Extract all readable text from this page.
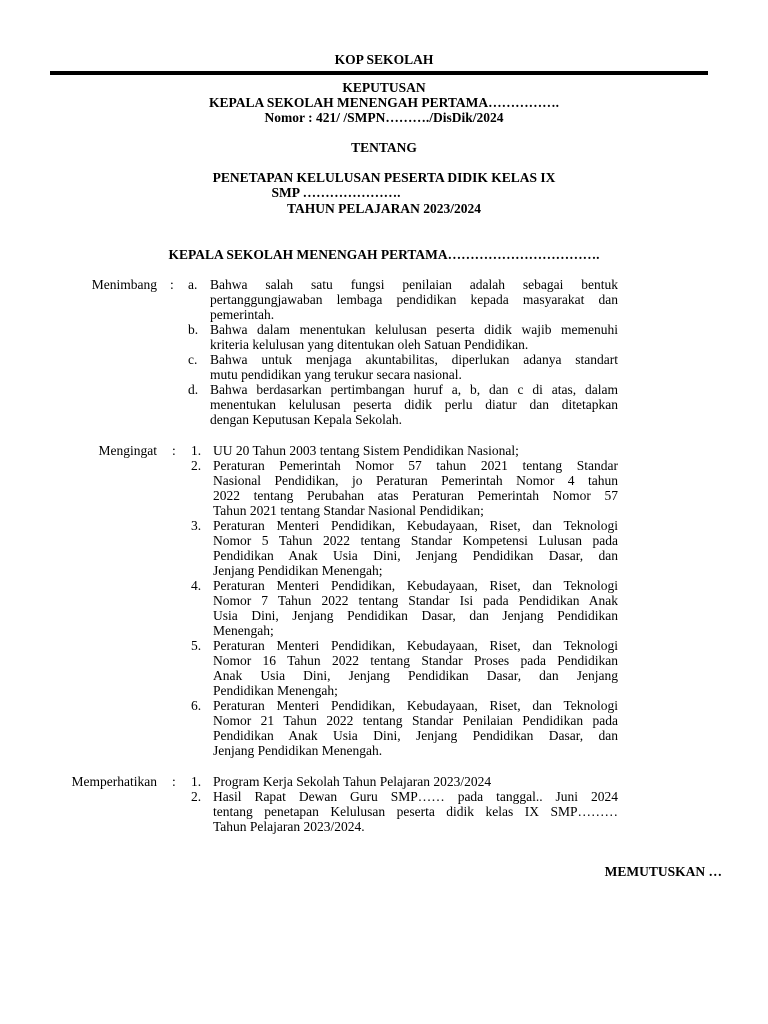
KOP SEKOLAH
KEPUTUSAN
KEPALA SEKOLAH MENENGAH PERTAMA…………….
Nomor : 421/ /SMPN………./DisDik/2024
TENTANG
PENETAPAN KELULUSAN PESERTA DIDIK KELAS IX
SMP ………………….
TAHUN PELAJARAN 2023/2024
KEPALA SEKOLAH MENENGAH PERTAMA…………………………….
Menimbang : a. Bahwa salah satu fungsi penilaian adalah sebagai bentuk
pertanggungjawaban lembaga pendidikan kepada masyarakat dan
pemerintah.
b. Bahwa dalam menentukan kelulusan peserta didik wajib memenuhi
kriteria kelulusan yang ditentukan oleh Satuan Pendidikan.
c. Bahwa untuk menjaga akuntabilitas, diperlukan adanya standart
mutu pendidikan yang terukur secara nasional.
d. Bahwa berdasarkan pertimbangan huruf a, b, dan c di atas, dalam
menentukan kelulusan peserta didik perlu diatur dan ditetapkan
dengan Keputusan Kepala Sekolah.
Mengingat : 1. UU 20 Tahun 2003 tentang Sistem Pendidikan Nasional;
2. Peraturan Pemerintah Nomor 57 tahun 2021 tentang Standar
Nasional Pendidikan, jo Peraturan Pemerintah Nomor 4 tahun
2022 tentang Perubahan atas Peraturan Pemerintah Nomor 57
Tahun 2021 tentang Standar Nasional Pendidikan;
3. Peraturan Menteri Pendidikan, Kebudayaan, Riset, dan Teknologi
Nomor 5 Tahun 2022 tentang Standar Kompetensi Lulusan pada
Pendidikan Anak Usia Dini, Jenjang Pendidikan Dasar, dan
Jenjang Pendidikan Menengah;
4. Peraturan Menteri Pendidikan, Kebudayaan, Riset, dan Teknologi
Nomor 7 Tahun 2022 tentang Standar Isi pada Pendidikan Anak
Usia Dini, Jenjang Pendidikan Dasar, dan Jenjang Pendidikan
Menengah;
5. Peraturan Menteri Pendidikan, Kebudayaan, Riset, dan Teknologi
Nomor 16 Tahun 2022 tentang Standar Proses pada Pendidikan
Anak Usia Dini, Jenjang Pendidikan Dasar, dan Jenjang
Pendidikan Menengah;
6. Peraturan Menteri Pendidikan, Kebudayaan, Riset, dan Teknologi
Nomor 21 Tahun 2022 tentang Standar Penilaian Pendidikan pada
Pendidikan Anak Usia Dini, Jenjang Pendidikan Dasar, dan
Jenjang Pendidikan Menengah.
Memperhatikan : 1. Program Kerja Sekolah Tahun Pelajaran 2023/2024
2. Hasil Rapat Dewan Guru SMP…… pada tanggal.. Juni 2024
tentang penetapan Kelulusan peserta didik kelas IX SMP………
Tahun Pelajaran 2023/2024.
MEMUTUSKAN …
